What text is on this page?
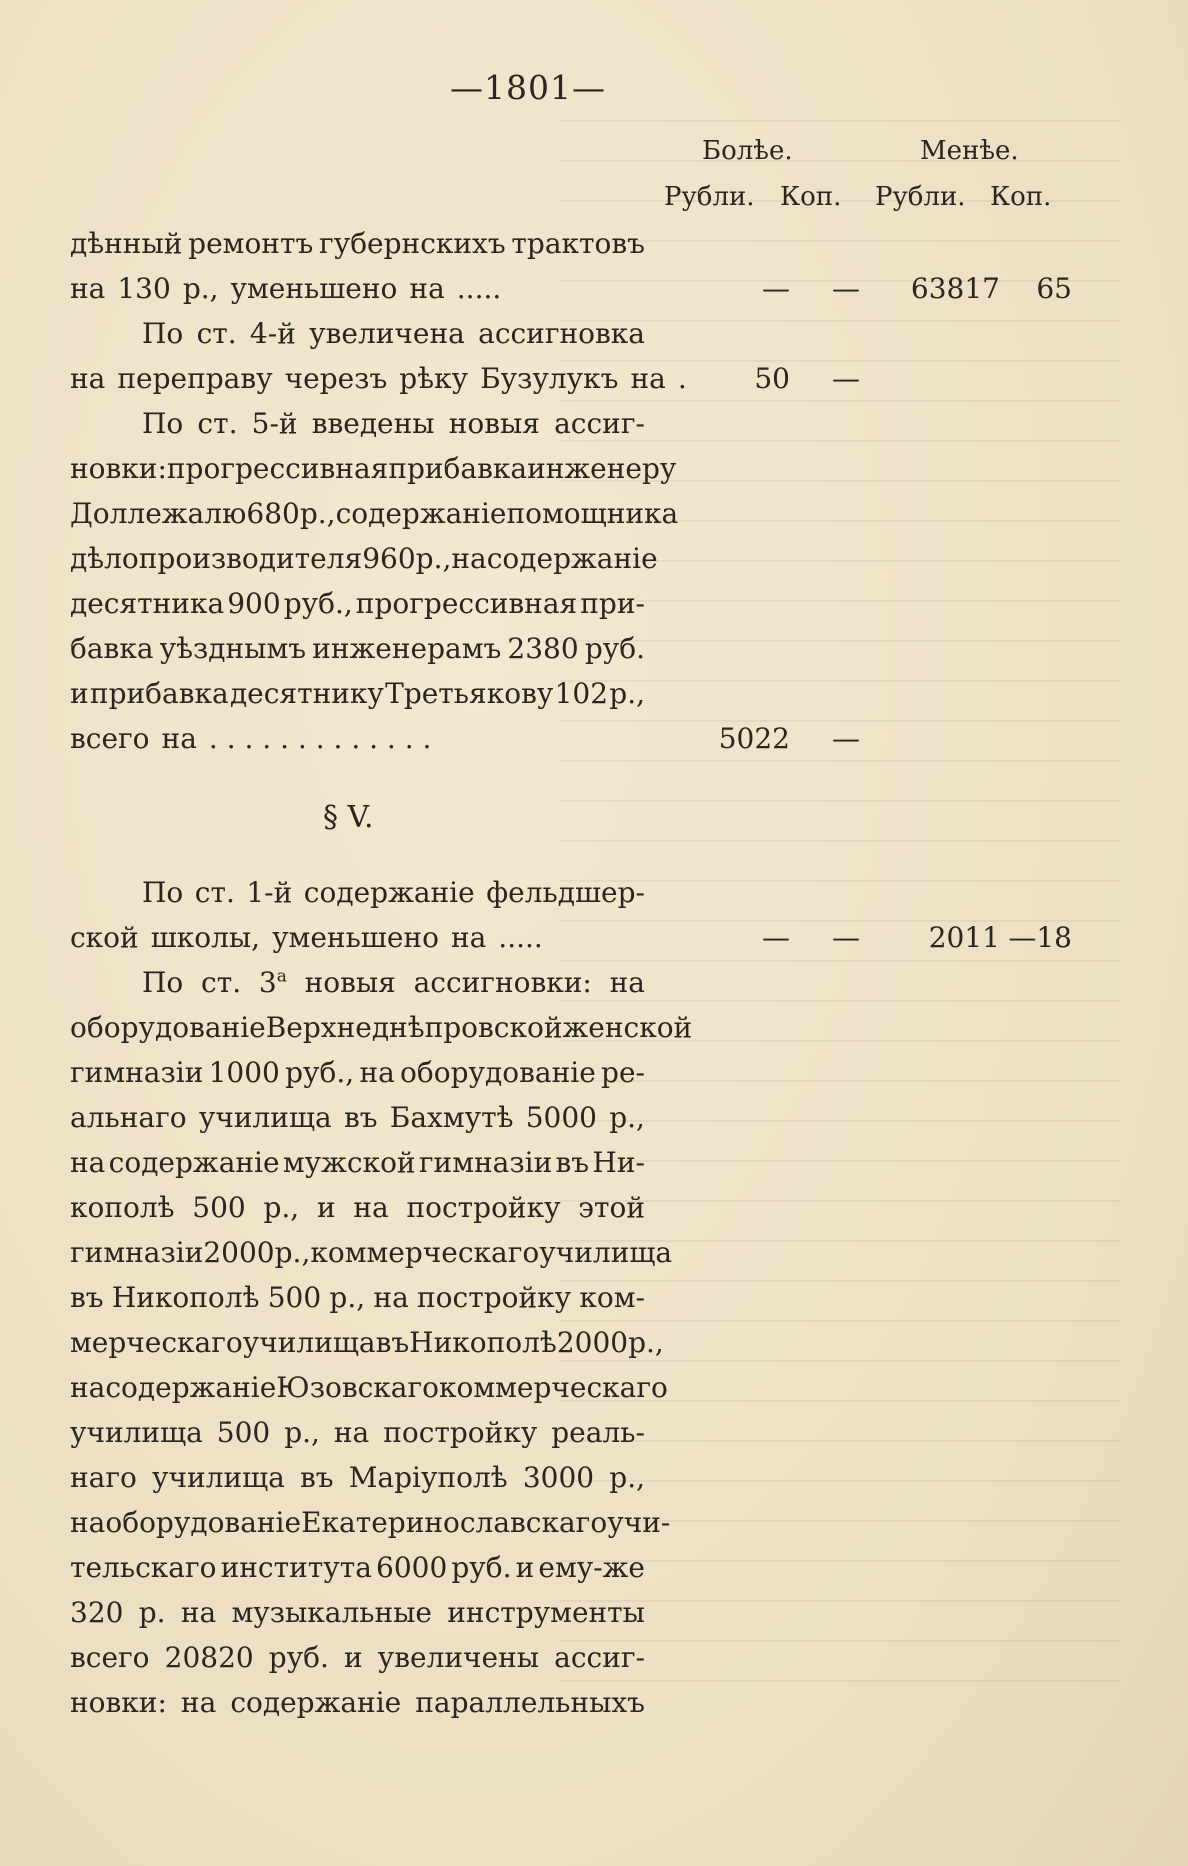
—1801—
Болѣе.	Менѣе.
Рубли. Коп. Рубли. Коп.
дѣнный ремонтъ губернскихъ трактовъ
на 130 р., уменьшено на .....
По ст. 4-й увеличена ассигновка
на переправу черезъ рѣку Бузулукъ на .
По ст. 5-й введены новыя ассиг-
новки: прогрессивная прибавка инженеру
Доллежалю 680 р., содержаніе помощника
дѣлопроизводителя 960 р., на содержаніе
десятника 900 руб., прогрессивная при-
бавка уѣзднымъ инженерамъ 2380 руб.
и прибавка десятнику Третьякову 102 р.,
всего на . . . . . . . . . . . . .
По ст. 1-й содержаніе фельдшер-
ской школы, уменьшено на .....
По ст. $3^а$ новыя ассигновки: на
оборудованіе Верхнеднѣпровской женской
гимназіи 1000 руб., на оборудованіе ре-
альнаго училища въ Бахмутѣ 5000 р.,
на содержаніе мужской гимназіи въ Ни-
кополѣ 500 р., и на постройку этой
гимназіи 2000 р., коммерческаго училища
въ Никополѣ 500 р., на постройку ком-
мерческаго училища въ Никополѣ 2000 р.,
на содержаніе Юзовскаго коммерческаго
училища 500 р., на постройку реаль-
наго училища въ Маріуполѣ 3000 р.,
на оборудованіе Екатеринославскаго учи-
тельскаго института 6000 руб. и ему-же
320 р. на музыкальные инструменты
всего 20820 руб. и увеличены ассиг-
новки: на содержаніе параллельныхъ
§ V.
— — 63817 65
50 —
5022 —
— — 2011 —18
